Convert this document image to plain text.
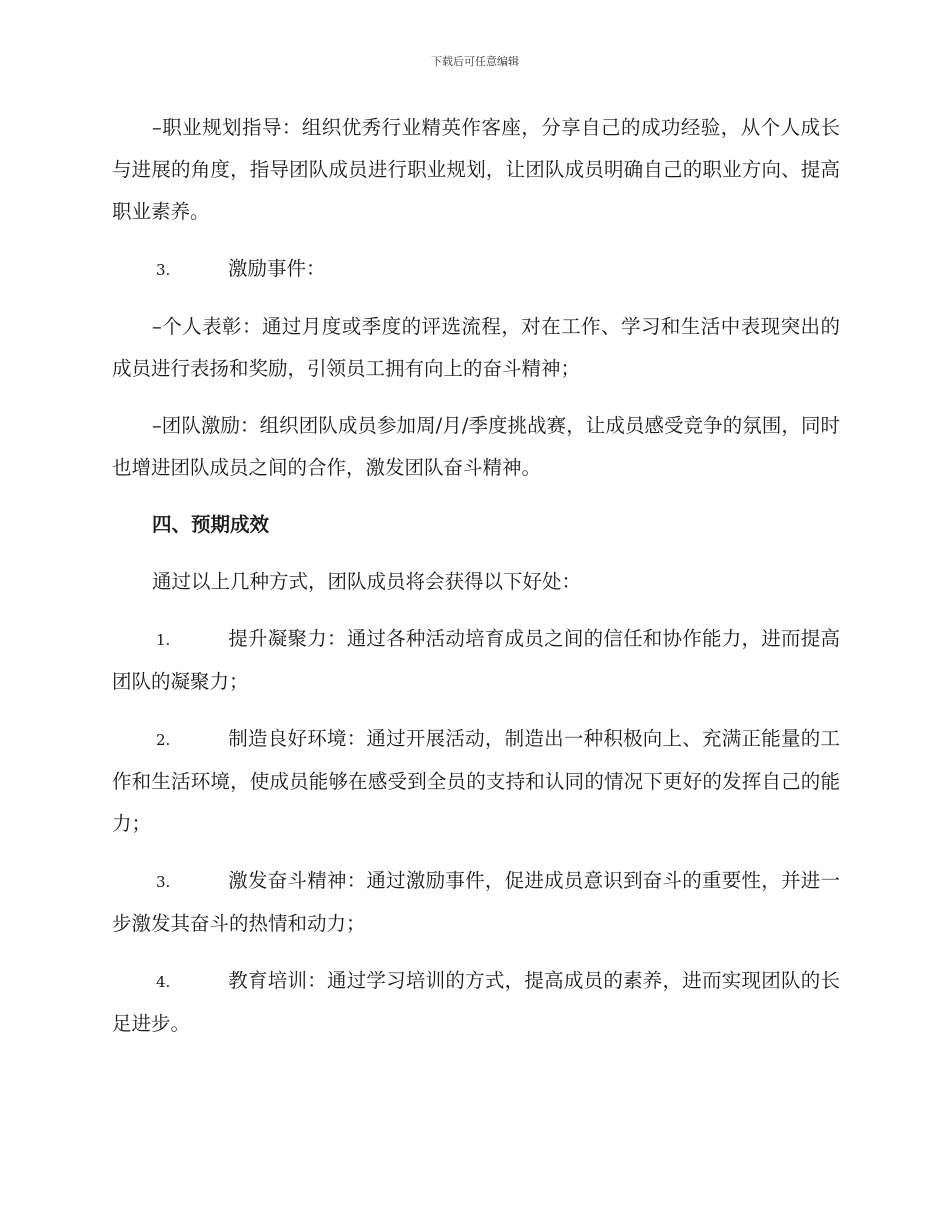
下载后可任意编辑

–职业规划指导：组织优秀行业精英作客座，分享自己的成功经验，从个人成长与进展的角度，指导团队成员进行职业规划，让团队成员明确自己的职业方向、提高职业素养。

3.	激励事件：

–个人表彰：通过月度或季度的评选流程，对在工作、学习和生活中表现突出的成员进行表扬和奖励，引领员工拥有向上的奋斗精神；

–团队激励：组织团队成员参加周/月/季度挑战赛，让成员感受竞争的氛围，同时也增进团队成员之间的合作，激发团队奋斗精神。

四、预期成效

通过以上几种方式，团队成员将会获得以下好处：

1.	提升凝聚力：通过各种活动培育成员之间的信任和协作能力，进而提高团队的凝聚力；

2.	制造良好环境：通过开展活动，制造出一种积极向上、充满正能量的工作和生活环境，使成员能够在感受到全员的支持和认同的情况下更好的发挥自己的能力；

3.	激发奋斗精神：通过激励事件，促进成员意识到奋斗的重要性，并进一步激发其奋斗的热情和动力；

4.	教育培训：通过学习培训的方式，提高成员的素养，进而实现团队的长足进步。
